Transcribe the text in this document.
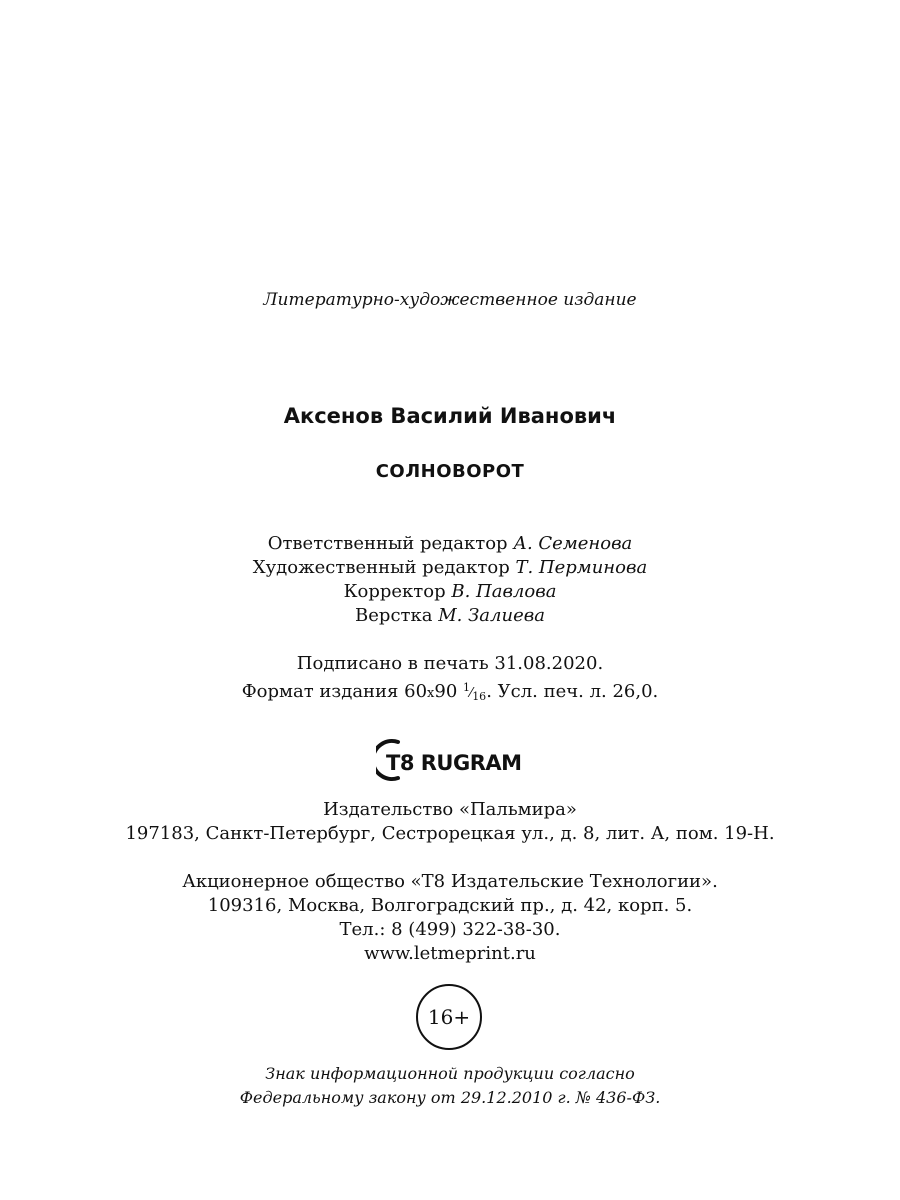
Литературно-художественное издание
Аксенов Василий Иванович
СОЛНОВОРОТ
Ответственный редактор А. Семенова
Художественный редактор Т. Перминова
Корректор В. Павлова
Верстка М. Залиева
Подписано в печать 31.08.2020.
Формат издания 60x90 $^1⁄_{16}$. Усл. печ. л. 26,0.
T8 RUGRAM
Издательство «Пальмира»
197183, Санкт-Петербург, Сестрорецкая ул., д. 8, лит. А, пом. 19-Н.
Акционерное общество «Т8 Издательские Технологии».
109316, Москва, Волгоградский пр., д. 42, корп. 5.
Тел.: 8 (499) 322-38-30.
www.letmeprint.ru
16+
Знак информационной продукции согласно
Федеральному закону от 29.12.2010 г. № 436-ФЗ.
